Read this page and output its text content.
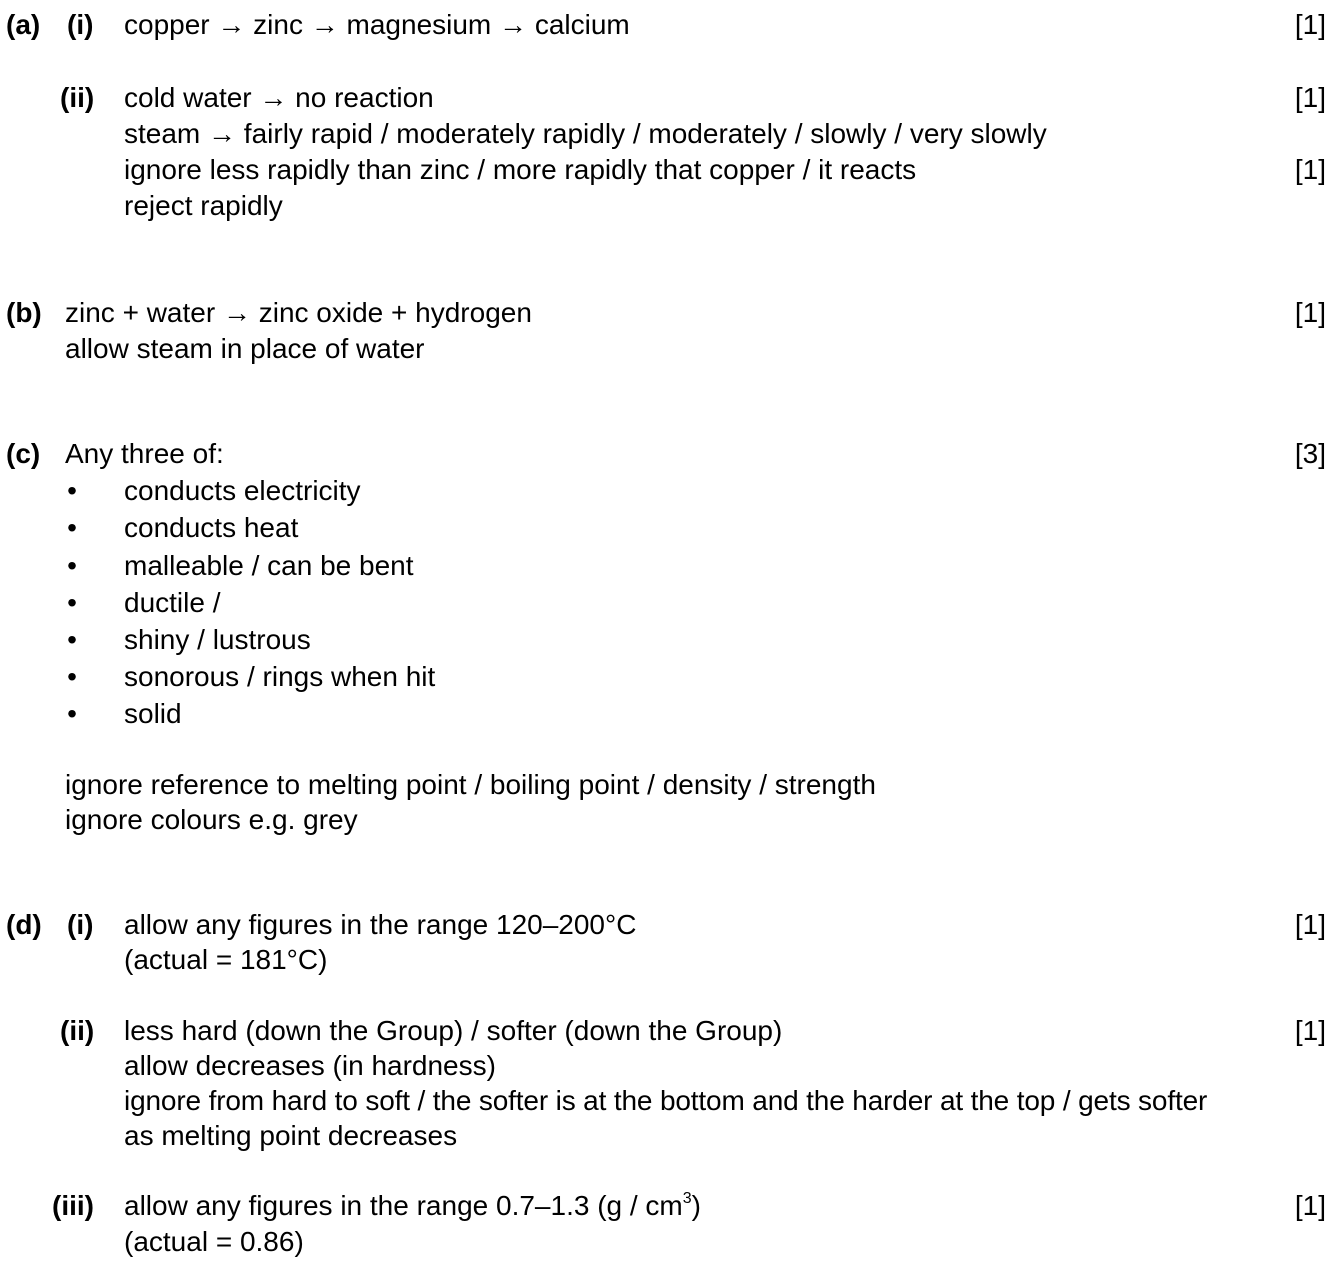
(a) (i) copper → zinc → magnesium → calcium	[1]
(ii) cold water → no reaction	[1]
steam → fairly rapid / moderately rapidly / moderately / slowly / very slowly
ignore less rapidly than zinc / more rapidly that copper / it reacts	[1]
reject rapidly
(b) zinc + water → zinc oxide + hydrogen	[1]
allow steam in place of water
(c) Any three of:	[3]
• conducts electricity
• conducts heat
• malleable / can be bent
• ductile /
• shiny / lustrous
• sonorous / rings when hit
• solid
ignore reference to melting point / boiling point / density / strength
ignore colours e.g. grey
(d) (i) allow any figures in the range 120–200°C	[1]
(actual = 181°C)
(ii) less hard (down the Group) / softer (down the Group)	[1]
allow decreases (in hardness)
ignore from hard to soft / the softer is at the bottom and the harder at the top / gets softer
as melting point decreases
(iii) allow any figures in the range 0.7–1.3 $(g / cm^3)$	[1]
(actual = 0.86)
